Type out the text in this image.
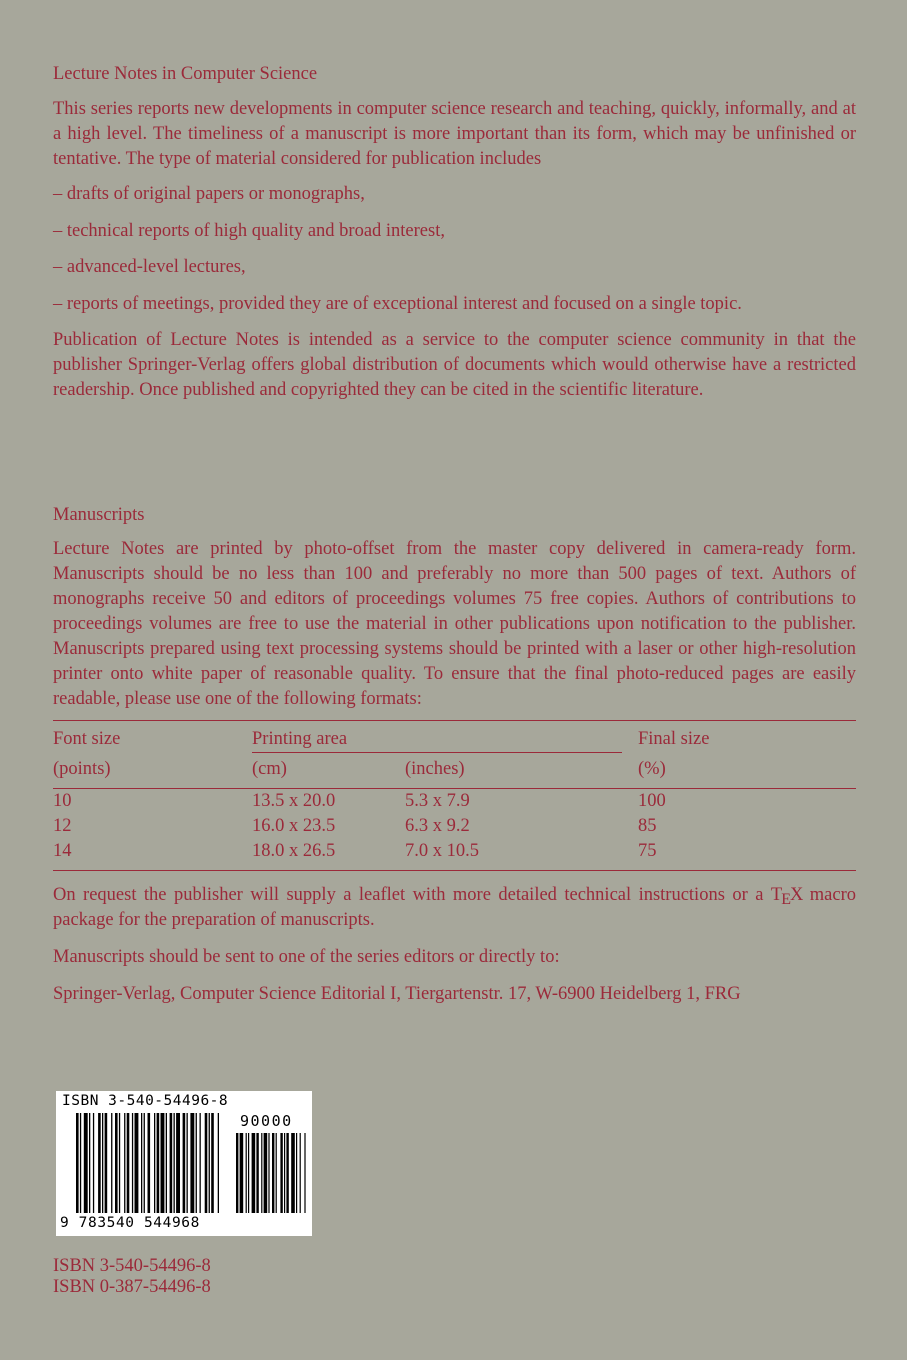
Lecture Notes in Computer Science

This series reports new developments in computer science research and teaching, quickly, informally, and at a high level. The timeliness of a manuscript is more important than its form, which may be unfinished or tentative. The type of material considered for publication includes

– drafts of original papers or monographs,
– technical reports of high quality and broad interest,
– advanced-level lectures,
– reports of meetings, provided they are of exceptional interest and focused on a single topic.

Publication of Lecture Notes is intended as a service to the computer science community in that the publisher Springer-Verlag offers global distribution of documents which would otherwise have a restricted readership. Once published and copyrighted they can be cited in the scientific literature.

Manuscripts

Lecture Notes are printed by photo-offset from the master copy delivered in camera-ready form. Manuscripts should be no less than 100 and preferably no more than 500 pages of text. Authors of monographs receive 50 and editors of proceedings volumes 75 free copies. Authors of contributions to proceedings volumes are free to use the material in other publications upon notification to the publisher. Manuscripts prepared using text processing systems should be printed with a laser or other high-resolution printer onto white paper of reasonable quality. To ensure that the final photo-reduced pages are easily readable, please use one of the following formats:

Font size	Printing area		Final size
(points)	(cm)	(inches)	(%)

10	13.5 x 20.0	5.3 x 7.9	100
12	16.0 x 23.5	6.3 x 9.2	85
14	18.0 x 26.5	7.0 x 10.5	75

On request the publisher will supply a leaflet with more detailed technical instructions or a TEX macro package for the preparation of manuscripts.

Manuscripts should be sent to one of the series editors or directly to:

Springer-Verlag, Computer Science Editorial I, Tiergartenstr. 17, W-6900 Heidelberg 1, FRG

ISBN 3-540-54496-8
90000
9 783540 544968
ISBN 3-540-54496-8
ISBN 0-387-54496-8
